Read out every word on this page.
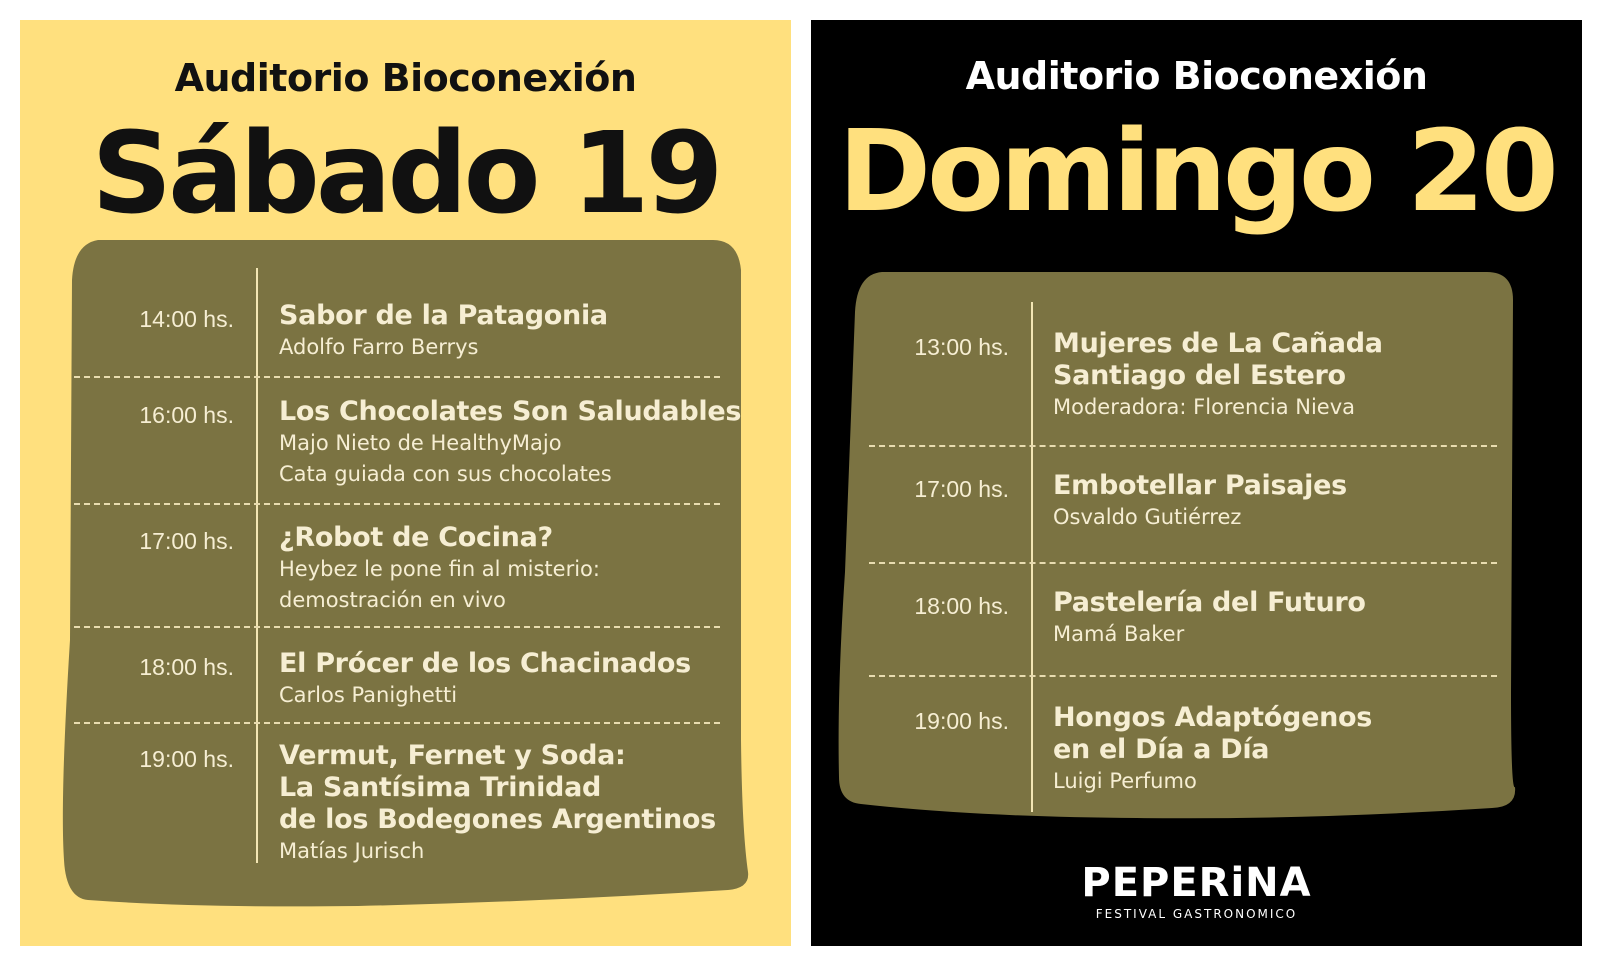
Auditorio Bioconexión
Sábado 19
14:00 hs. Sabor de la Patagonia
Adolfo Farro Berrys
16:00 hs. Los Chocolates Son Saludables
Majo Nieto de HealthyMajo
Cata guiada con sus chocolates
17:00 hs. ¿Robot de Cocina?
Heybez le pone fin al misterio:
demostración en vivo
18:00 hs. El Prócer de los Chacinados
Carlos Panighetti
19:00 hs. Vermut, Fernet y Soda:
La Santísima Trinidad
de los Bodegones Argentinos
Matías Jurisch
Auditorio Bioconexión
Domingo 20
13:00 hs. Mujeres de La Cañada
Santiago del Estero
Moderadora: Florencia Nieva
17:00 hs. Embotellar Paisajes
Osvaldo Gutiérrez
18:00 hs. Pastelería del Futuro
Mamá Baker
19:00 hs. Hongos Adaptógenos
en el Día a Día
Luigi Perfumo
PEPERiNA
FESTIVAL GASTRONOMICO
